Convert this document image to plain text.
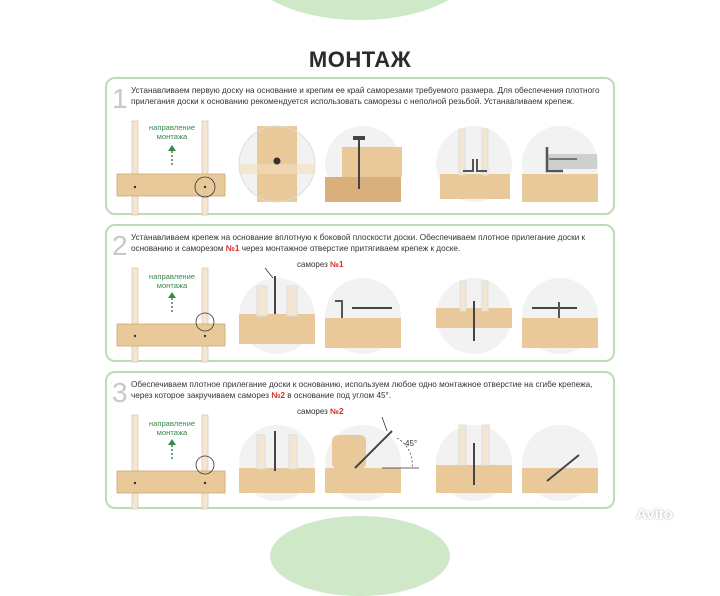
МОНТАЖ
1 Устанавливаем первую доску на основание и крепим ее край саморезами требуемого размера. Для обеспечения плотного прилегания доски к основанию рекомендуется использовать саморезы с неполной резьбой. Устанавливаем крепеж.
направление монтажа
2 Устанавливаем крепеж на основание вплотную к боковой плоскости доски. Обеспечиваем плотное прилегание доски к основанию и саморезом №1 через монтажное отверстие притягиваем крепеж к доске.
направление монтажа
саморез №1
3 Обеспечиваем плотное прилегание доски к основанию, используем любое одно монтажное отверстие на сгибе крепежа, через которое закручиваем саморез №2 в основание под углом 45°.
направление монтажа
саморез №2
45°
Avito
